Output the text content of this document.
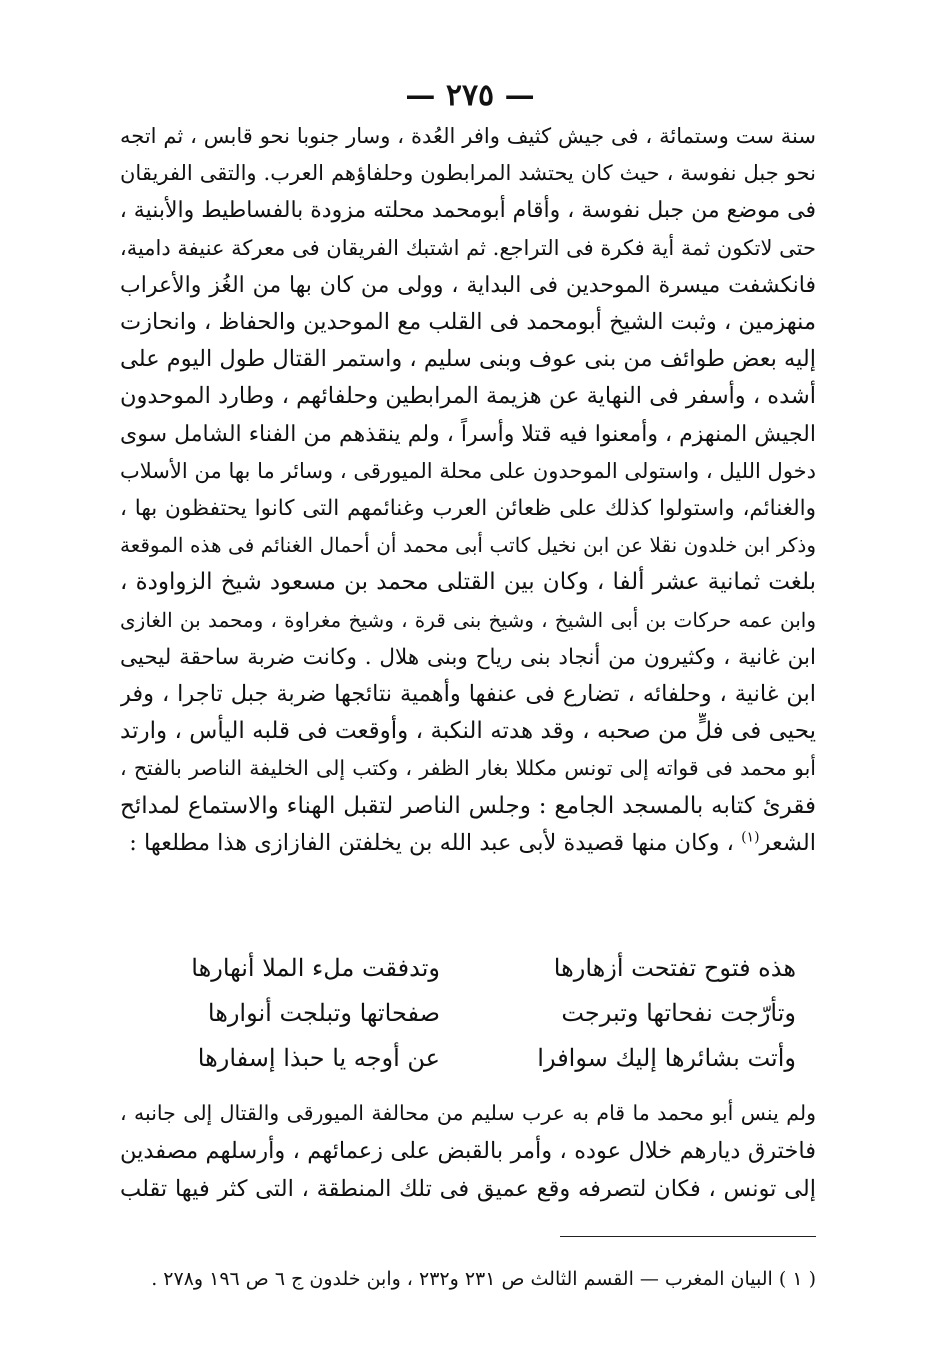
— ٢٧٥ —
سنة ست وستمائة ، فى جيش كثيف وافر العُدة ، وسار جنوبا نحو قابس ، ثم اتجه
نحو جبل نفوسة ، حيث كان يحتشد المرابطون وحلفاؤهم العرب. والتقى الفريقان
فى موضع من جبل نفوسة ، وأقام أبومحمد محلته مزودة بالفساطيط والأبنية ،
حتى لاتكون ثمة أية فكرة فى التراجع. ثم اشتبك الفريقان فى معركة عنيفة دامية،
فانكشفت ميسرة الموحدين فى البداية ، وولى من كان بها من الغُز والأعراب
منهزمين ، وثبت الشيخ أبومحمد فى القلب مع الموحدين والحفاظ ، وانحازت
إليه بعض طوائف من بنى عوف وبنى سليم ، واستمر القتال طول اليوم على
أشده ، وأسفر فى النهاية عن هزيمة المرابطين وحلفائهم ، وطارد الموحدون
الجيش المنهزم ، وأمعنوا فيه قتلا وأسراً ، ولم ينقذهم من الفناء الشامل سوى
دخول الليل ، واستولى الموحدون على محلة الميورقى ، وسائر ما بها من الأسلاب
والغنائم، واستولوا كذلك على ظعائن العرب وغنائمهم التى كانوا يحتفظون بها ،
وذكر ابن خلدون نقلا عن ابن نخيل كاتب أبى محمد أن أحمال الغنائم فى هذه الموقعة
بلغت ثمانية عشر ألفا ، وكان بين القتلى محمد بن مسعود شيخ الزواودة ،
وابن عمه حركات بن أبى الشيخ ، وشيخ بنى قرة ، وشيخ مغراوة ، ومحمد بن الغازى
ابن غانية ، وكثيرون من أنجاد بنى رياح وبنى هلال . وكانت ضربة ساحقة ليحيى
ابن غانية ، وحلفائه ، تضارع فى عنفها وأهمية نتائجها ضربة جبل تاجرا ، وفر
يحيى فى فلٍّ من صحبه ، وقد هدته النكبة ، وأوقعت فى قلبه اليأس ، وارتد
أبو محمد فى قواته إلى تونس مكللا بغار الظفر ، وكتب إلى الخليفة الناصر بالفتح ،
فقرئ كتابه بالمسجد الجامع : وجلس الناصر لتقبل الهناء والاستماع لمدائح
الشعر$^{(١)}$ ، وكان منها قصيدة لأبى عبد الله بن يخلفتن الفازازى هذا مطلعها :
هذه فتوح تفتحت أزهارها
وتدفقت ملء الملا أنهارها
وتأرّجت نفحاتها وتبرجت
صفحاتها وتبلجت أنوارها
وأتت بشائرها إليك سوافرا
عن أوجه يا حبذا إسفارها
ولم ينس أبو محمد ما قام به عرب سليم من محالفة الميورقى والقتال إلى جانبه ،
فاخترق ديارهم خلال عوده ، وأمر بالقبض على زعمائهم ، وأرسلهم مصفدين
إلى تونس ، فكان لتصرفه وقع عميق فى تلك المنطقة ، التى كثر فيها تقلب
( ١ ) البيان المغرب — القسم الثالث ص ٢٣١ و٢٣٢ ، وابن خلدون ج ٦ ص ١٩٦ و٢٧٨ .
